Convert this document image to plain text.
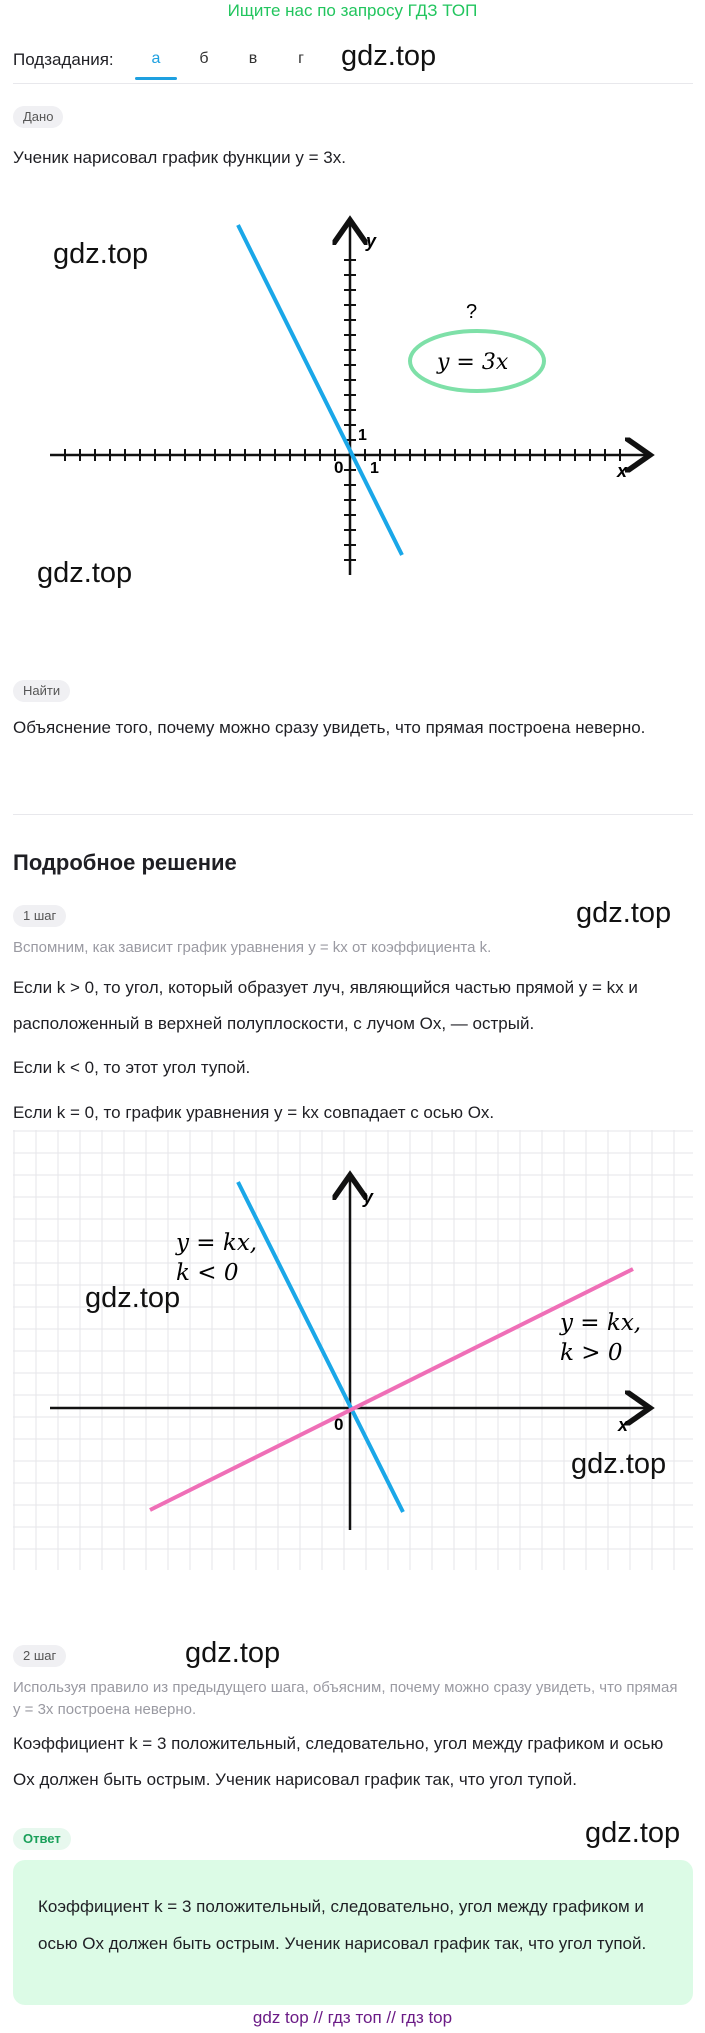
Ищите нас по запросу ГДЗ ТОП
Подзадания:	а	б	в	г	gdz.top
Дано
Ученик нарисовал график функции y = 3x.
y
x
0
1
1
?
y = 3x
gdz.top
gdz.top
Найти
Объяснение того, почему можно сразу увидеть, что прямая построена неверно.
Подробное решение
1 шаг	gdz.top
Вспомним, как зависит график уравнения y = kx от коэффициента k.
Если k > 0, то угол, который образует луч, являющийся частью прямой y = kx и расположенный в верхней полуплоскости, с лучом Ox, — острый.
Если k < 0, то этот угол тупой.
Если k = 0, то график уравнения y = kx совпадает с осью Ox.
y
x
0
y = kx,
k < 0
y = kx,
k > 0
gdz.top
gdz.top
2 шаг	gdz.top
Используя правило из предыдущего шага, объясним, почему можно сразу увидеть, что прямая y = 3x построена неверно.
Коэффициент k = 3 положительный, следовательно, угол между графиком и осью Ox должен быть острым. Ученик нарисовал график так, что угол тупой.
Ответ	gdz.top
Коэффициент k = 3 положительный, следовательно, угол между графиком и осью Ox должен быть острым. Ученик нарисовал график так, что угол тупой.
gdz top // гдз топ // гдз top
